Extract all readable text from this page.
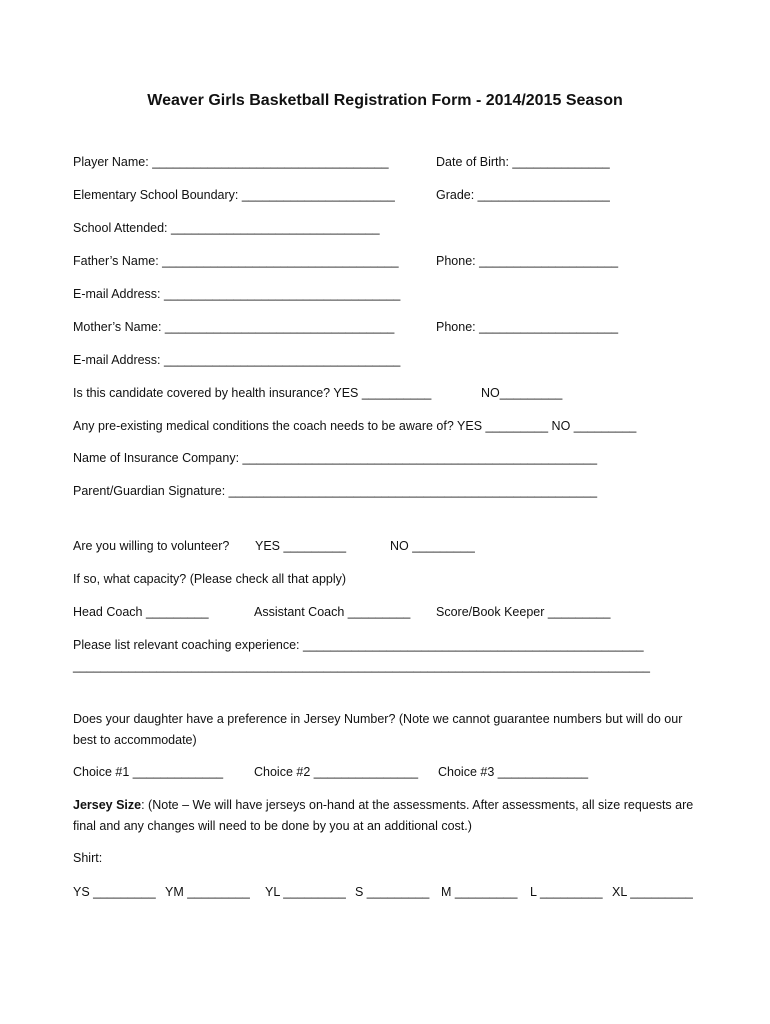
Weaver Girls Basketball Registration Form - 2014/2015 Season
Player Name: __________________________________	Date of Birth: ______________
Elementary School Boundary: ______________________	Grade: ___________________
School Attended: ______________________________
Father’s Name: __________________________________	Phone: ____________________
E-mail Address: __________________________________
Mother’s Name: _________________________________	Phone: ____________________
E-mail Address: __________________________________
Is this candidate covered by health insurance? YES __________	NO_________
Any pre-existing medical conditions the coach needs to be aware of? YES _________ NO _________
Name of Insurance Company: ___________________________________________________
Parent/Guardian Signature: _____________________________________________________
Are you willing to volunteer? YES _________	NO _________
If so, what capacity? (Please check all that apply)
Head Coach _________	Assistant Coach _________ Score/Book Keeper _________
Please list relevant coaching experience: _________________________________________________
___________________________________________________________________________________
Does your daughter have a preference in Jersey Number? (Note we cannot guarantee numbers but will do our
best to accommodate)
Choice #1 _____________ Choice #2 _______________ Choice #3 _____________
Jersey Size: (Note – We will have jerseys on-hand at the assessments. After assessments, all size requests are
final and any changes will need to be done by you at an additional cost.)
Shirt:
YS _________ YM _________ YL _________ S _________ M _________ L _________ XL _________
